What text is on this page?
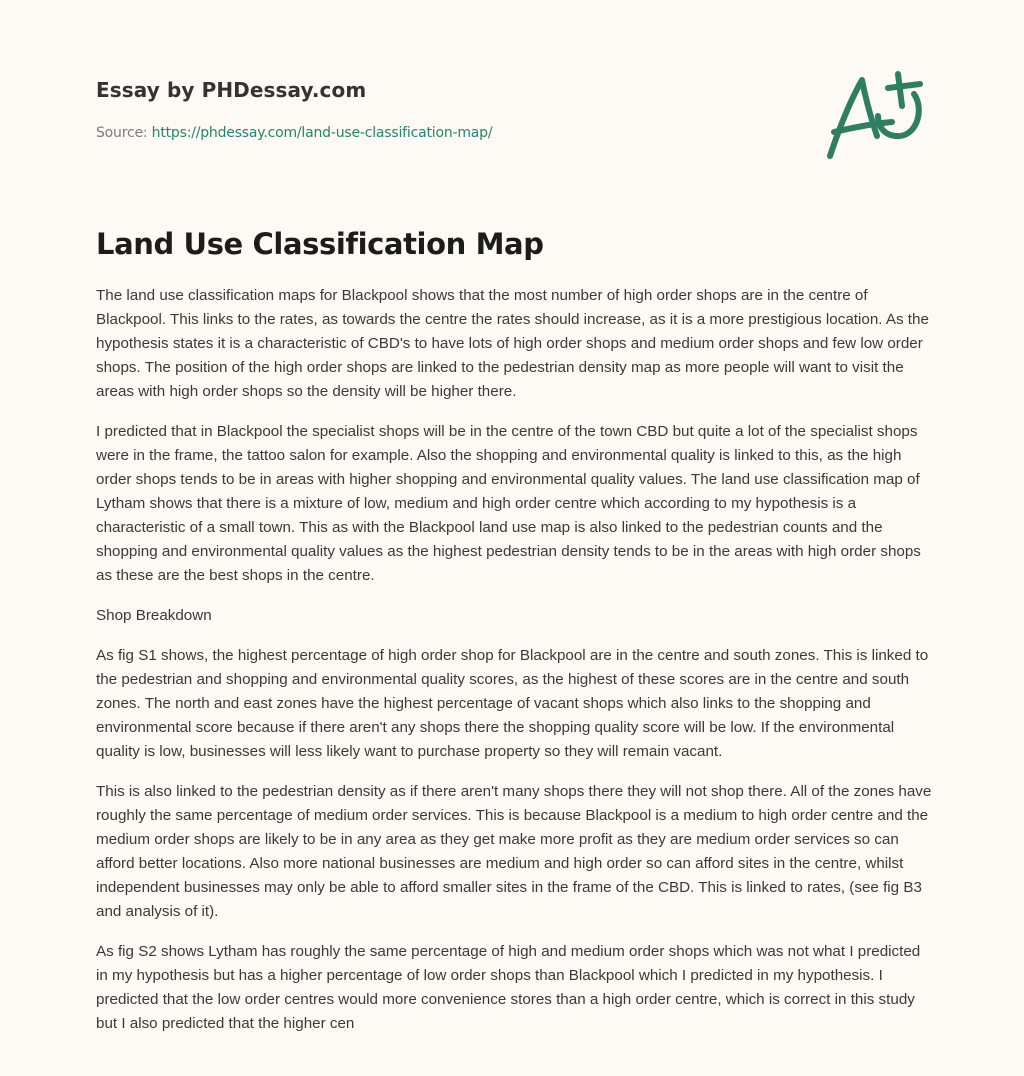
Essay by PHDessay.com
Source: https://phdessay.com/land-use-classification-map/
Land Use Classification Map

The land use classification maps for Blackpool shows that the most number of high order shops are in the centre of Blackpool. This links to the rates, as towards the centre the rates should increase, as it is a more prestigious location. As the hypothesis states it is a characteristic of CBD's to have lots of high order shops and medium order shops and few low order shops. The position of the high order shops are linked to the pedestrian density map as more people will want to visit the areas with high order shops so the density will be higher there.

I predicted that in Blackpool the specialist shops will be in the centre of the town CBD but quite a lot of the specialist shops were in the frame, the tattoo salon for example. Also the shopping and environmental quality is linked to this, as the high order shops tends to be in areas with higher shopping and environmental quality values. The land use classification map of Lytham shows that there is a mixture of low, medium and high order centre which according to my hypothesis is a characteristic of a small town. This as with the Blackpool land use map is also linked to the pedestrian counts and the shopping and environmental quality values as the highest pedestrian density tends to be in the areas with high order shops as these are the best shops in the centre.

Shop Breakdown

As fig S1 shows, the highest percentage of high order shop for Blackpool are in the centre and south zones. This is linked to the pedestrian and shopping and environmental quality scores, as the highest of these scores are in the centre and south zones. The north and east zones have the highest percentage of vacant shops which also links to the shopping and environmental score because if there aren't any shops there the shopping quality score will be low. If the environmental quality is low, businesses will less likely want to purchase property so they will remain vacant.

This is also linked to the pedestrian density as if there aren't many shops there they will not shop there. All of the zones have roughly the same percentage of medium order services. This is because Blackpool is a medium to high order centre and the medium order shops are likely to be in any area as they get make more profit as they are medium order services so can afford better locations. Also more national businesses are medium and high order so can afford sites in the centre, whilst independent businesses may only be able to afford smaller sites in the frame of the CBD. This is linked to rates, (see fig B3 and analysis of it).

As fig S2 shows Lytham has roughly the same percentage of high and medium order shops which was not what I predicted in my hypothesis but has a higher percentage of low order shops than Blackpool which I predicted in my hypothesis. I predicted that the low order centres would more convenience stores than a high order centre, which is correct in this study but I also predicted that the higher cen
